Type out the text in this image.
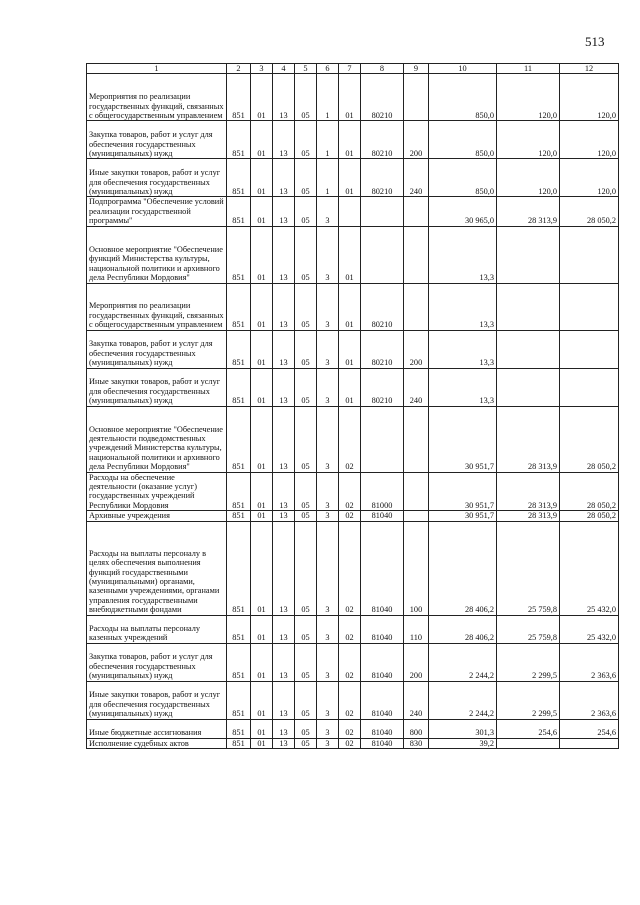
513
1	2	3	4	5	6	7	8	9	10	11	12
Мероприятия по реализации государственных функций, связанных с общегосударственным управлением	851	01	13	05	1	01	80210		850,0	120,0	120,0
Закупка товаров, работ и услуг для обеспечения государственных (муниципальных) нужд	851	01	13	05	1	01	80210	200	850,0	120,0	120,0
Иные закупки товаров, работ и услуг для обеспечения государственных (муниципальных) нужд	851	01	13	05	1	01	80210	240	850,0	120,0	120,0
Подпрограмма "Обеспечение условий реализации государственной программы"	851	01	13	05	3				30 965,0	28 313,9	28 050,2
Основное мероприятие "Обеспечение функций Министерства культуры, национальной политики и архивного дела Республики Мордовия"	851	01	13	05	3	01			13,3		
Мероприятия по реализации государственных функций, связанных с общегосударственным управлением	851	01	13	05	3	01	80210		13,3		
Закупка товаров, работ и услуг для обеспечения государственных (муниципальных) нужд	851	01	13	05	3	01	80210	200	13,3		
Иные закупки товаров, работ и услуг для обеспечения государственных (муниципальных) нужд	851	01	13	05	3	01	80210	240	13,3		
Основное мероприятие "Обеспечение деятельности подведомственных учреждений Министерства культуры, национальной политики и архивного дела Республики Мордовия"	851	01	13	05	3	02			30 951,7	28 313,9	28 050,2
Расходы на обеспечение деятельности (оказание услуг) государственных учреждений Республики Мордовия	851	01	13	05	3	02	81000		30 951,7	28 313,9	28 050,2
Архивные учреждения	851	01	13	05	3	02	81040		30 951,7	28 313,9	28 050,2
Расходы на выплаты персоналу в целях обеспечения выполнения функций государственными (муниципальными) органами, казенными учреждениями, органами управления государственными внебюджетными фондами	851	01	13	05	3	02	81040	100	28 406,2	25 759,8	25 432,0
Расходы на выплаты персоналу казенных учреждений	851	01	13	05	3	02	81040	110	28 406,2	25 759,8	25 432,0
Закупка товаров, работ и услуг для обеспечения государственных (муниципальных) нужд	851	01	13	05	3	02	81040	200	2 244,2	2 299,5	2 363,6
Иные закупки товаров, работ и услуг для обеспечения государственных (муниципальных) нужд	851	01	13	05	3	02	81040	240	2 244,2	2 299,5	2 363,6
Иные бюджетные ассигнования	851	01	13	05	3	02	81040	800	301,3	254,6	254,6
Исполнение судебных актов	851	01	13	05	3	02	81040	830	39,2		
